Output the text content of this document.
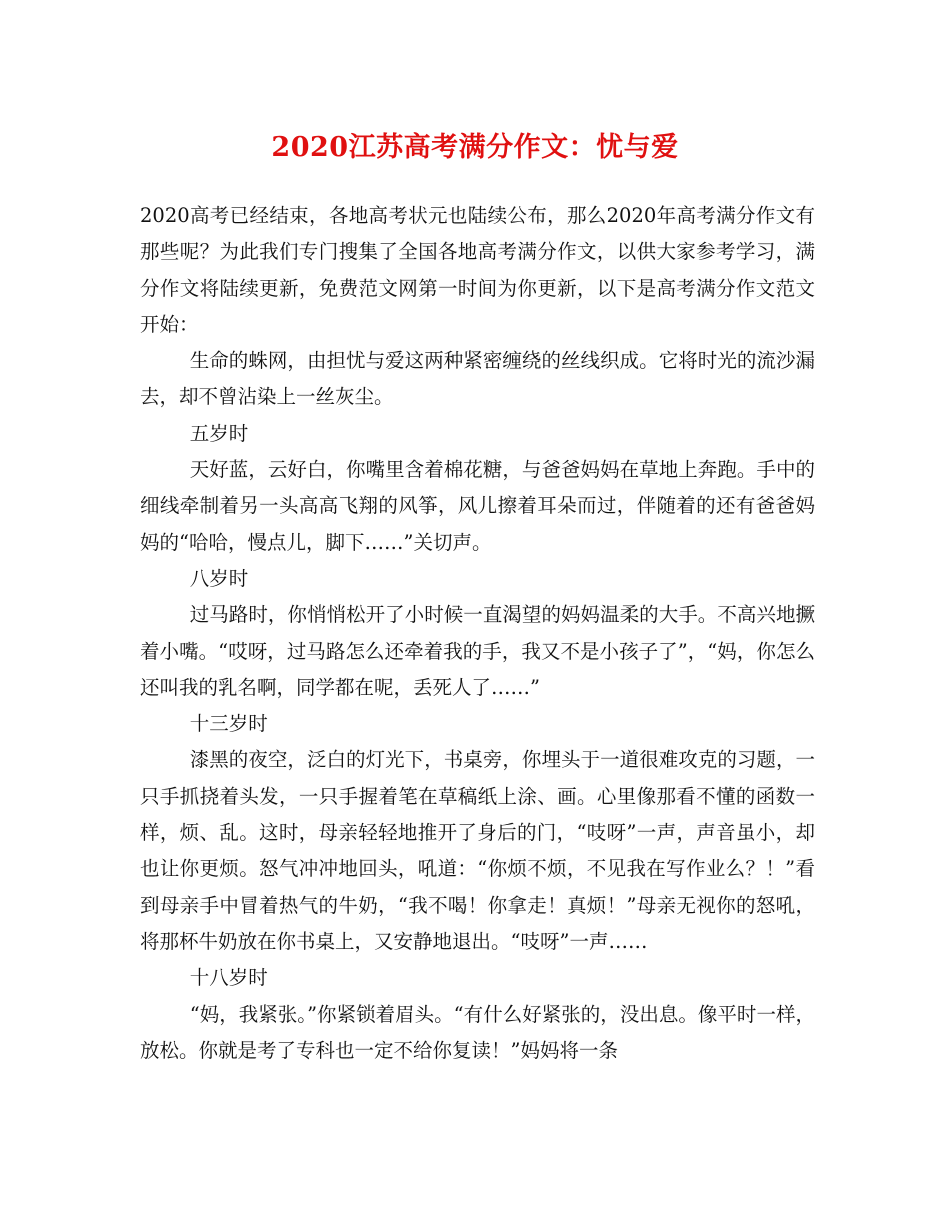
2020江苏高考满分作文：忧与爱

2020高考已经结束，各地高考状元也陆续公布，那么2020年高考满分作文有那些呢？为此我们专门搜集了全国各地高考满分作文，以供大家参考学习，满分作文将陆续更新，免费范文网第一时间为你更新，以下是高考满分作文范文开始：

生命的蛛网，由担忧与爱这两种紧密缠绕的丝线织成。它将时光的流沙漏去，却不曾沾染上一丝灰尘。

五岁时

天好蓝，云好白，你嘴里含着棉花糖，与爸爸妈妈在草地上奔跑。手中的细线牵制着另一头高高飞翔的风筝，风儿擦着耳朵而过，伴随着的还有爸爸妈妈的“哈哈，慢点儿，脚下……”关切声。

八岁时

过马路时，你悄悄松开了小时候一直渴望的妈妈温柔的大手。不高兴地撅着小嘴。“哎呀，过马路怎么还牵着我的手，我又不是小孩子了”，“妈，你怎么还叫我的乳名啊，同学都在呢，丢死人了……”

十三岁时

漆黑的夜空，泛白的灯光下，书桌旁，你埋头于一道很难攻克的习题，一只手抓挠着头发，一只手握着笔在草稿纸上涂、画。心里像那看不懂的函数一样，烦、乱。这时，母亲轻轻地推开了身后的门，“吱呀”一声，声音虽小，却也让你更烦。怒气冲冲地回头，吼道：“你烦不烦，不见我在写作业么？！”看到母亲手中冒着热气的牛奶，“我不喝！你拿走！真烦！”母亲无视你的怒吼，将那杯牛奶放在你书桌上，又安静地退出。“吱呀”一声……

十八岁时

“妈，我紧张。”你紧锁着眉头。“有什么好紧张的，没出息。像平时一样，放松。你就是考了专科也一定不给你复读！”妈妈将一条
